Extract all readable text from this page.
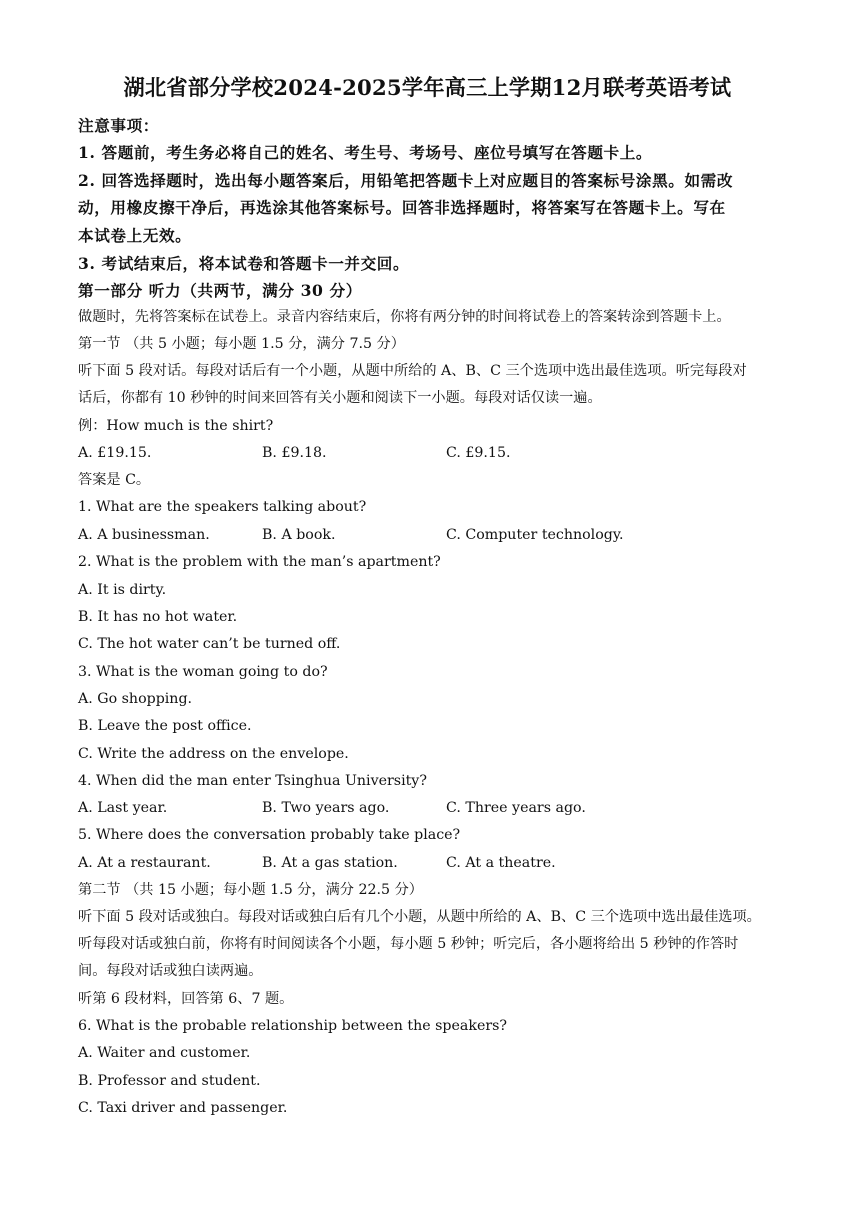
湖北省部分学校2024-2025学年高三上学期12月联考英语考试
注意事项：
1. 答题前，考生务必将自己的姓名、考生号、考场号、座位号填写在答题卡上。
2. 回答选择题时，选出每小题答案后，用铅笔把答题卡上对应题目的答案标号涂黑。如需改
动，用橡皮擦干净后，再选涂其他答案标号。回答非选择题时，将答案写在答题卡上。写在
本试卷上无效。
3. 考试结束后，将本试卷和答题卡一并交回。
第一部分 听力（共两节，满分 30 分）
做题时，先将答案标在试卷上。录音内容结束后，你将有两分钟的时间将试卷上的答案转涂到答题卡上。
第一节 （共 5 小题；每小题 1.5 分，满分 7.5 分）
听下面 5 段对话。每段对话后有一个小题，从题中所给的 A、B、C 三个选项中选出最佳选项。听完每段对
话后，你都有 10 秒钟的时间来回答有关小题和阅读下一小题。每段对话仅读一遍。
例：How much is the shirt?
A. £19.15.	B. £9.18.	C. £9.15.
答案是 C。
1. What are the speakers talking about?
A. A businessman.	B. A book.	C. Computer technology.
2. What is the problem with the man’s apartment?
A. It is dirty.
B. It has no hot water.
C. The hot water can’t be turned off.
3. What is the woman going to do?
A. Go shopping.
B. Leave the post office.
C. Write the address on the envelope.
4. When did the man enter Tsinghua University?
A. Last year.	B. Two years ago.	C. Three years ago.
5. Where does the conversation probably take place?
A. At a restaurant.	B. At a gas station.	C. At a theatre.
第二节 （共 15 小题；每小题 1.5 分，满分 22.5 分）
听下面 5 段对话或独白。每段对话或独白后有几个小题，从题中所给的 A、B、C 三个选项中选出最佳选项。
听每段对话或独白前，你将有时间阅读各个小题，每小题 5 秒钟；听完后，各小题将给出 5 秒钟的作答时
间。每段对话或独白读两遍。
听第 6 段材料，回答第 6、7 题。
6. What is the probable relationship between the speakers?
A. Waiter and customer.
B. Professor and student.
C. Taxi driver and passenger.
